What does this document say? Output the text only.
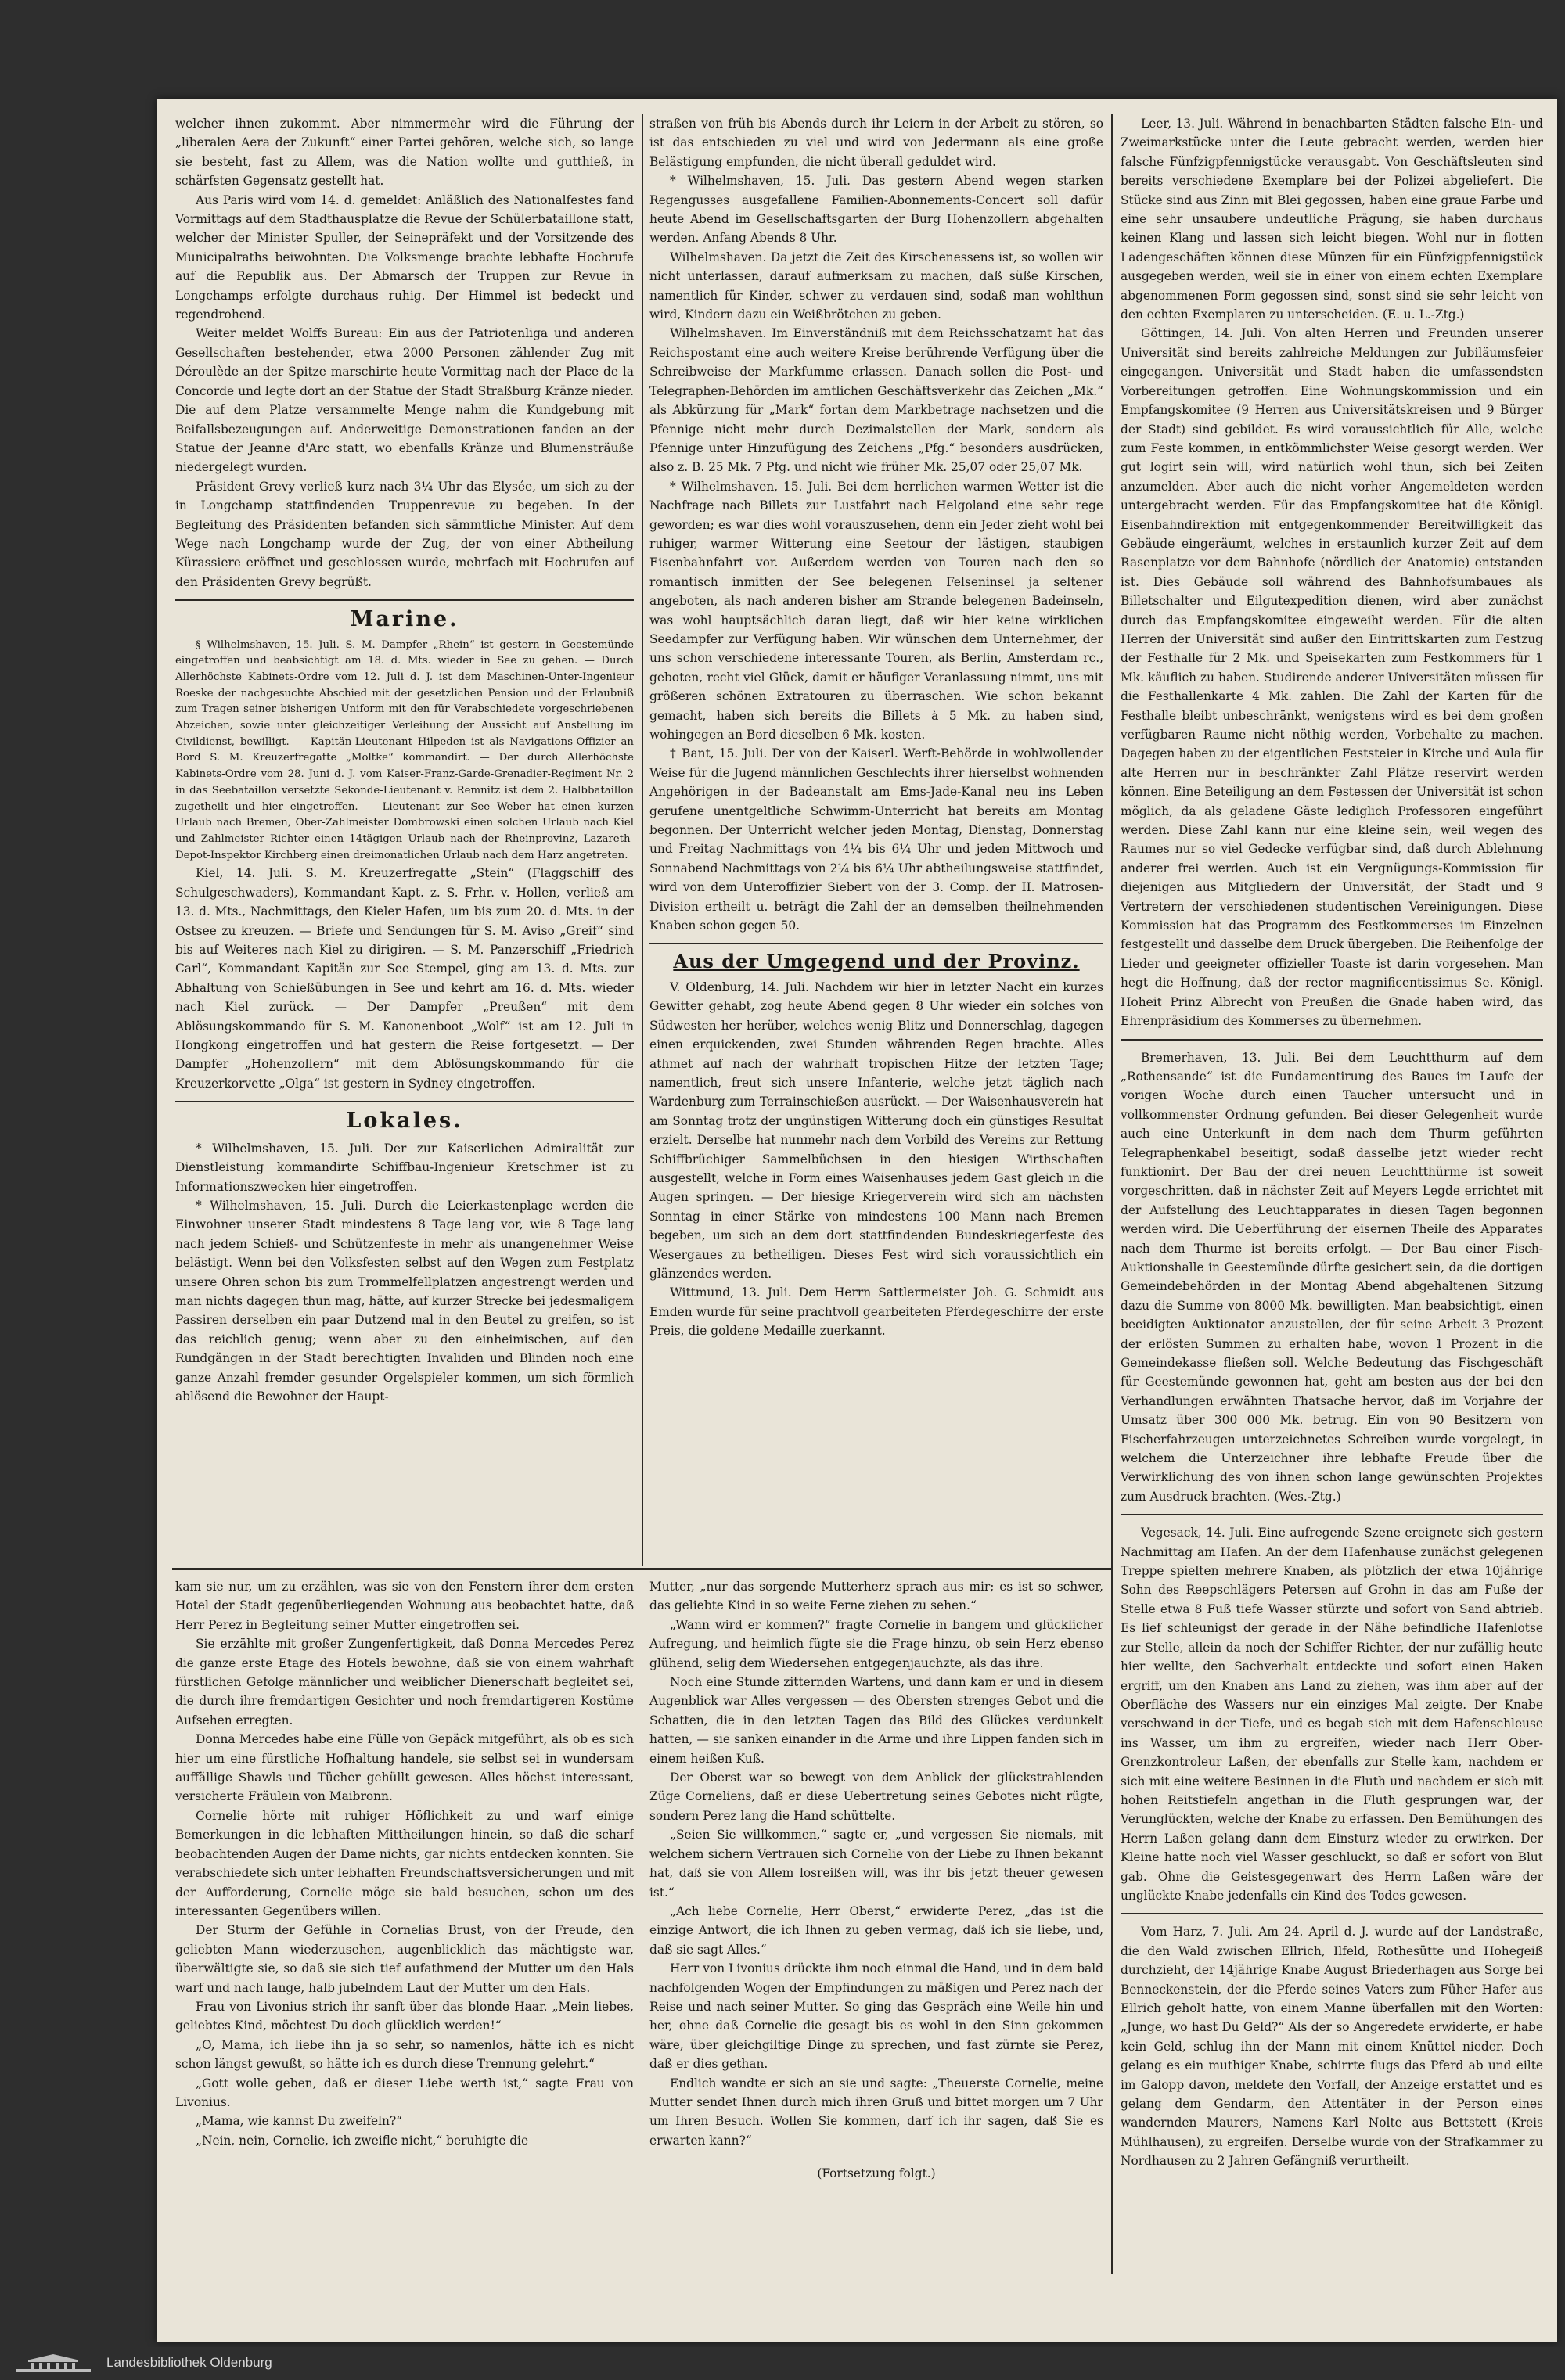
welcher ihnen zukommt. Aber nimmermehr wird die Führung der „liberalen Aera der Zukunft“ einer Partei gehören, welche sich, so lange sie besteht, fast zu Allem, was die Nation wollte und gutthieß, in schärfsten Gegensatz gestellt hat.

Aus Paris wird vom 14. d. gemeldet: Anläßlich des Nationalfestes fand Vormittags auf dem Stadthausplatze die Revue der Schülerbataillone statt, welcher der Minister Spuller, der Seinepräfekt und der Vorsitzende des Municipalraths beiwohnten. Die Volksmenge brachte lebhafte Hochrufe auf die Republik aus. Der Abmarsch der Truppen zur Revue in Longchamps erfolgte durchaus ruhig. Der Himmel ist bedeckt und regendrohend.

Weiter meldet Wolffs Bureau: Ein aus der Patriotenliga und anderen Gesellschaften bestehender, etwa 2000 Personen zählender Zug mit Déroulède an der Spitze marschirte heute Vormittag nach der Place de la Concorde und legte dort an der Statue der Stadt Straßburg Kränze nieder. Die auf dem Platze versammelte Menge nahm die Kundgebung mit Beifallsbezeugungen auf. Anderweitige Demonstrationen fanden an der Statue der Jeanne d'Arc statt, wo ebenfalls Kränze und Blumensträuße niedergelegt wurden.

Präsident Grevy verließ kurz nach 3¼ Uhr das Elysée, um sich zu der in Longchamp stattfindenden Truppenrevue zu begeben. In der Begleitung des Präsidenten befanden sich sämmtliche Minister. Auf dem Wege nach Longchamp wurde der Zug, der von einer Abtheilung Kürassiere eröffnet und geschlossen wurde, mehrfach mit Hochrufen auf den Präsidenten Grevy begrüßt.

Marine.

§ Wilhelmshaven, 15. Juli. S. M. Dampfer „Rhein“ ist gestern in Geestemünde eingetroffen und beabsichtigt am 18. d. Mts. wieder in See zu gehen. — Durch Allerhöchste Kabinets-Ordre vom 12. Juli d. J. ist dem Maschinen-Unter-Ingenieur Roeske der nachgesuchte Abschied mit der gesetzlichen Pension und der Erlaubniß zum Tragen seiner bisherigen Uniform mit den für Verabschiedete vorgeschriebenen Abzeichen, sowie unter gleichzeitiger Verleihung der Aussicht auf Anstellung im Civildienst, bewilligt. — Kapitän-Lieutenant Hilpeden ist als Navigations-Offizier an Bord S. M. Kreuzerfregatte „Moltke“ kommandirt. — Der durch Allerhöchste Kabinets-Ordre vom 28. Juni d. J. vom Kaiser-Franz-Garde-Grenadier-Regiment Nr. 2 in das Seebataillon versetzte Sekonde-Lieutenant v. Remnitz ist dem 2. Halbbataillon zugetheilt und hier eingetroffen. — Lieutenant zur See Weber hat einen kurzen Urlaub nach Bremen, Ober-Zahlmeister Dombrowski einen solchen Urlaub nach Kiel und Zahlmeister Richter einen 14tägigen Urlaub nach der Rheinprovinz, Lazareth-Depot-Inspektor Kirchberg einen dreimonatlichen Urlaub nach dem Harz angetreten.

Kiel, 14. Juli. S. M. Kreuzerfregatte „Stein“ (Flaggschiff des Schulgeschwaders), Kommandant Kapt. z. S. Frhr. v. Hollen, verließ am 13. d. Mts., Nachmittags, den Kieler Hafen, um bis zum 20. d. Mts. in der Ostsee zu kreuzen. — Briefe und Sendungen für S. M. Aviso „Greif“ sind bis auf Weiteres nach Kiel zu dirigiren. — S. M. Panzerschiff „Friedrich Carl“, Kommandant Kapitän zur See Stempel, ging am 13. d. Mts. zur Abhaltung von Schießübungen in See und kehrt am 16. d. Mts. wieder nach Kiel zurück. — Der Dampfer „Preußen“ mit dem Ablösungskommando für S. M. Kanonenboot „Wolf“ ist am 12. Juli in Hongkong eingetroffen und hat gestern die Reise fortgesetzt. — Der Dampfer „Hohenzollern“ mit dem Ablösungskommando für die Kreuzerkorvette „Olga“ ist gestern in Sydney eingetroffen.

Lokales.

* Wilhelmshaven, 15. Juli. Der zur Kaiserlichen Admiralität zur Dienstleistung kommandirte Schiffbau-Ingenieur Kretschmer ist zu Informationszwecken hier eingetroffen.

* Wilhelmshaven, 15. Juli. Durch die Leierkastenplage werden die Einwohner unserer Stadt mindestens 8 Tage lang vor, wie 8 Tage lang nach jedem Schieß- und Schützenfeste in mehr als unangenehmer Weise belästigt. Wenn bei den Volksfesten selbst auf den Wegen zum Festplatz unsere Ohren schon bis zum Trommelfellplatzen angestrengt werden und man nichts dagegen thun mag, hätte, auf kurzer Strecke bei jedesmaligem Passiren derselben ein paar Dutzend mal in den Beutel zu greifen, so ist das reichlich genug; wenn aber zu den einheimischen, auf den Rundgängen in der Stadt berechtigten Invaliden und Blinden noch eine ganze Anzahl fremder gesunder Orgelspieler kommen, um sich förmlich ablösend die Bewohner der Haupt-

straßen von früh bis Abends durch ihr Leiern in der Arbeit zu stören, so ist das entschieden zu viel und wird von Jedermann als eine große Belästigung empfunden, die nicht überall geduldet wird.

* Wilhelmshaven, 15. Juli. Das gestern Abend wegen starken Regengusses ausgefallene Familien-Abonnements-Concert soll dafür heute Abend im Gesellschaftsgarten der Burg Hohenzollern abgehalten werden. Anfang Abends 8 Uhr.

Wilhelmshaven. Da jetzt die Zeit des Kirschenessens ist, so wollen wir nicht unterlassen, darauf aufmerksam zu machen, daß süße Kirschen, namentlich für Kinder, schwer zu verdauen sind, sodaß man wohlthun wird, Kindern dazu ein Weißbrötchen zu geben.

Wilhelmshaven. Im Einverständniß mit dem Reichsschatzamt hat das Reichspostamt eine auch weitere Kreise berührende Verfügung über die Schreibweise der Markfumme erlassen. Danach sollen die Post- und Telegraphen-Behörden im amtlichen Geschäftsverkehr das Zeichen „Mk.“ als Abkürzung für „Mark“ fortan dem Markbetrage nachsetzen und die Pfennige nicht mehr durch Dezimalstellen der Mark, sondern als Pfennige unter Hinzufügung des Zeichens „Pfg.“ besonders ausdrücken, also z. B. 25 Mk. 7 Pfg. und nicht wie früher Mk. 25,07 oder 25,07 Mk.

* Wilhelmshaven, 15. Juli. Bei dem herrlichen warmen Wetter ist die Nachfrage nach Billets zur Lustfahrt nach Helgoland eine sehr rege geworden; es war dies wohl vorauszusehen, denn ein Jeder zieht wohl bei ruhiger, warmer Witterung eine Seetour der lästigen, staubigen Eisenbahnfahrt vor. Außerdem werden von Touren nach den so romantisch inmitten der See belegenen Felseninsel ja seltener angeboten, als nach anderen bisher am Strande belegenen Badeinseln, was wohl hauptsächlich daran liegt, daß wir hier keine wirklichen Seedampfer zur Verfügung haben. Wir wünschen dem Unternehmer, der uns schon verschiedene interessante Touren, als Berlin, Amsterdam rc., geboten, recht viel Glück, damit er häufiger Veranlassung nimmt, uns mit größeren schönen Extratouren zu überraschen. Wie schon bekannt gemacht, haben sich bereits die Billets à 5 Mk. zu haben sind, wohingegen an Bord dieselben 6 Mk. kosten.

† Bant, 15. Juli. Der von der Kaiserl. Werft-Behörde in wohlwollender Weise für die Jugend männlichen Geschlechts ihrer hierselbst wohnenden Angehörigen in der Badeanstalt am Ems-Jade-Kanal neu ins Leben gerufene unentgeltliche Schwimm-Unterricht hat bereits am Montag begonnen. Der Unterricht welcher jeden Montag, Dienstag, Donnerstag und Freitag Nachmittags von 4¼ bis 6¼ Uhr und jeden Mittwoch und Sonnabend Nachmittags von 2¼ bis 6¼ Uhr abtheilungsweise stattfindet, wird von dem Unteroffizier Siebert von der 3. Comp. der II. Matrosen-Division ertheilt u. beträgt die Zahl der an demselben theilnehmenden Knaben schon gegen 50.

Aus der Umgegend und der Provinz.

V. Oldenburg, 14. Juli. Nachdem wir hier in letzter Nacht ein kurzes Gewitter gehabt, zog heute Abend gegen 8 Uhr wieder ein solches von Südwesten her herüber, welches wenig Blitz und Donnerschlag, dagegen einen erquickenden, zwei Stunden währenden Regen brachte. Alles athmet auf nach der wahrhaft tropischen Hitze der letzten Tage; namentlich, freut sich unsere Infanterie, welche jetzt täglich nach Wardenburg zum Terrainschießen ausrückt. — Der Waisenhausverein hat am Sonntag trotz der ungünstigen Witterung doch ein günstiges Resultat erzielt. Derselbe hat nunmehr nach dem Vorbild des Vereins zur Rettung Schiffbrüchiger Sammelbüchsen in den hiesigen Wirthschaften ausgestellt, welche in Form eines Waisenhauses jedem Gast gleich in die Augen springen. — Der hiesige Kriegerverein wird sich am nächsten Sonntag in einer Stärke von mindestens 100 Mann nach Bremen begeben, um sich an dem dort stattfindenden Bundeskriegerfeste des Wesergaues zu betheiligen. Dieses Fest wird sich voraussichtlich ein glänzendes werden.

Wittmund, 13. Juli. Dem Herrn Sattlermeister Joh. G. Schmidt aus Emden wurde für seine prachtvoll gearbeiteten Pferdegeschirre der erste Preis, die goldene Medaille zuerkannt.

Leer, 13. Juli. Während in benachbarten Städten falsche Ein- und Zweimarkstücke unter die Leute gebracht werden, werden hier falsche Fünfzigpfennigstücke verausgabt. Von Geschäftsleuten sind bereits verschiedene Exemplare bei der Polizei abgeliefert. Die Stücke sind aus Zinn mit Blei gegossen, haben eine graue Farbe und eine sehr unsaubere undeutliche Prägung, sie haben durchaus keinen Klang und lassen sich leicht biegen. Wohl nur in flotten Ladengeschäften können diese Münzen für ein Fünfzigpfennigstück ausgegeben werden, weil sie in einer von einem echten Exemplare abgenommenen Form gegossen sind, sonst sind sie sehr leicht von den echten Exemplaren zu unterscheiden. (E. u. L.-Ztg.)

Göttingen, 14. Juli. Von alten Herren und Freunden unserer Universität sind bereits zahlreiche Meldungen zur Jubiläumsfeier eingegangen. Universität und Stadt haben die umfassendsten Vorbereitungen getroffen. Eine Wohnungskommission und ein Empfangskomitee (9 Herren aus Universitätskreisen und 9 Bürger der Stadt) sind gebildet. Es wird voraussichtlich für Alle, welche zum Feste kommen, in entkömmlichster Weise gesorgt werden. Wer gut logirt sein will, wird natürlich wohl thun, sich bei Zeiten anzumelden. Aber auch die nicht vorher Angemeldeten werden untergebracht werden. Für das Empfangskomitee hat die Königl. Eisenbahndirektion mit entgegenkommender Bereitwilligkeit das Gebäude eingeräumt, welches in erstaunlich kurzer Zeit auf dem Rasenplatze vor dem Bahnhofe (nördlich der Anatomie) entstanden ist. Dies Gebäude soll während des Bahnhofsumbaues als Billetschalter und Eilgutexpedition dienen, wird aber zunächst durch das Empfangskomitee eingeweiht werden. Für die alten Herren der Universität sind außer den Eintrittskarten zum Festzug der Festhalle für 2 Mk. und Speisekarten zum Festkommers für 1 Mk. käuflich zu haben. Studirende anderer Universitäten müssen für die Festhallenkarte 4 Mk. zahlen. Die Zahl der Karten für die Festhalle bleibt unbeschränkt, wenigstens wird es bei dem großen verfügbaren Raume nicht nöthig werden, Vorbehalte zu machen. Dagegen haben zu der eigentlichen Feststeier in Kirche und Aula für alte Herren nur in beschränkter Zahl Plätze reservirt werden können. Eine Beteiligung an dem Festessen der Universität ist schon möglich, da als geladene Gäste lediglich Professoren eingeführt werden. Diese Zahl kann nur eine kleine sein, weil wegen des Raumes nur so viel Gedecke verfügbar sind, daß durch Ablehnung anderer frei werden. Auch ist ein Vergnügungs-Kommission für diejenigen aus Mitgliedern der Universität, der Stadt und 9 Vertretern der verschiedenen studentischen Vereinigungen. Diese Kommission hat das Programm des Festkommerses im Einzelnen festgestellt und dasselbe dem Druck übergeben. Die Reihenfolge der Lieder und geeigneter offizieller Toaste ist darin vorgesehen. Man hegt die Hoffnung, daß der rector magnificentissimus Se. Königl. Hoheit Prinz Albrecht von Preußen die Gnade haben wird, das Ehrenpräsidium des Kommerses zu übernehmen.

Bremerhaven, 13. Juli. Bei dem Leuchtthurm auf dem „Rothensande“ ist die Fundamentirung des Baues im Laufe der vorigen Woche durch einen Taucher untersucht und in vollkommenster Ordnung gefunden. Bei dieser Gelegenheit wurde auch eine Unterkunft in dem nach dem Thurm geführten Telegraphenkabel beseitigt, sodaß dasselbe jetzt wieder recht funktionirt. Der Bau der drei neuen Leuchtthürme ist soweit vorgeschritten, daß in nächster Zeit auf Meyers Legde errichtet mit der Aufstellung des Leuchtapparates in diesen Tagen begonnen werden wird. Die Ueberführung der eisernen Theile des Apparates nach dem Thurme ist bereits erfolgt. — Der Bau einer Fisch-Auktionshalle in Geestemünde dürfte gesichert sein, da die dortigen Gemeindebehörden in der Montag Abend abgehaltenen Sitzung dazu die Summe von 8000 Mk. bewilligten. Man beabsichtigt, einen beeidigten Auktionator anzustellen, der für seine Arbeit 3 Prozent der erlösten Summen zu erhalten habe, wovon 1 Prozent in die Gemeindekasse fließen soll. Welche Bedeutung das Fischgeschäft für Geestemünde gewonnen hat, geht am besten aus der bei den Verhandlungen erwähnten Thatsache hervor, daß im Vorjahre der Umsatz über 300 000 Mk. betrug. Ein von 90 Besitzern von Fischerfahrzeugen unterzeichnetes Schreiben wurde vorgelegt, in welchem die Unterzeichner ihre lebhafte Freude über die Verwirklichung des von ihnen schon lange gewünschten Projektes zum Ausdruck brachten. (Wes.-Ztg.)

Vegesack, 14. Juli. Eine aufregende Szene ereignete sich gestern Nachmittag am Hafen. An der dem Hafenhause zunächst gelegenen Treppe spielten mehrere Knaben, als plötzlich der etwa 10jährige Sohn des Reepschlägers Petersen auf Grohn in das am Fuße der Stelle etwa 8 Fuß tiefe Wasser stürzte und sofort von Sand abtrieb. Es lief schleunigst der gerade in der Nähe befindliche Hafenlotse zur Stelle, allein da noch der Schiffer Richter, der nur zufällig heute hier wellte, den Sachverhalt entdeckte und sofort einen Haken ergriff, um den Knaben ans Land zu ziehen, was ihm aber auf der Oberfläche des Wassers nur ein einziges Mal zeigte. Der Knabe verschwand in der Tiefe, und es begab sich mit dem Hafenschleuse ins Wasser, um ihm zu ergreifen, wieder nach Herr Ober-Grenzkontroleur Laßen, der ebenfalls zur Stelle kam, nachdem er sich mit eine weitere Besinnen in die Fluth und nachdem er sich mit hohen Reitstiefeln angethan in die Fluth gesprungen war, der Verunglückten, welche der Knabe zu erfassen. Den Bemühungen des Herrn Laßen gelang dann dem Einsturz wieder zu erwirken. Der Kleine hatte noch viel Wasser geschluckt, so daß er sofort von Blut gab. Ohne die Geistesgegenwart des Herrn Laßen wäre der unglückte Knabe jedenfalls ein Kind des Todes gewesen.

Vom Harz, 7. Juli. Am 24. April d. J. wurde auf der Landstraße, die den Wald zwischen Ellrich, Ilfeld, Rothesütte und Hohegeiß durchzieht, der 14jährige Knabe August Briederhagen aus Sorge bei Benneckenstein, der die Pferde seines Vaters zum Füher Hafer aus Ellrich geholt hatte, von einem Manne überfallen mit den Worten: „Junge, wo hast Du Geld?“ Als der so Angeredete erwiderte, er habe kein Geld, schlug ihn der Mann mit einem Knüttel nieder. Doch gelang es ein muthiger Knabe, schirrte flugs das Pferd ab und eilte im Galopp davon, meldete den Vorfall, der Anzeige erstattet und es gelang dem Gendarm, den Attentäter in der Person eines wandernden Maurers, Namens Karl Nolte aus Bettstett (Kreis Mühlhausen), zu ergreifen. Derselbe wurde von der Strafkammer zu Nordhausen zu 2 Jahren Gefängniß verurtheilt.

kam sie nur, um zu erzählen, was sie von den Fenstern ihrer dem ersten Hotel der Stadt gegenüberliegenden Wohnung aus beobachtet hatte, daß Herr Perez in Begleitung seiner Mutter eingetroffen sei.

Sie erzählte mit großer Zungenfertigkeit, daß Donna Mercedes Perez die ganze erste Etage des Hotels bewohne, daß sie von einem wahrhaft fürstlichen Gefolge männlicher und weiblicher Dienerschaft begleitet sei, die durch ihre fremdartigen Gesichter und noch fremdartigeren Kostüme Aufsehen erregten.

Donna Mercedes habe eine Fülle von Gepäck mitgeführt, als ob es sich hier um eine fürstliche Hofhaltung handele, sie selbst sei in wundersam auffällige Shawls und Tücher gehüllt gewesen. Alles höchst interessant, versicherte Fräulein von Maibronn.

Cornelie hörte mit ruhiger Höflichkeit zu und warf einige Bemerkungen in die lebhaften Mittheilungen hinein, so daß die scharf beobachtenden Augen der Dame nichts, gar nichts entdecken konnten. Sie verabschiedete sich unter lebhaften Freundschaftsversicherungen und mit der Aufforderung, Cornelie möge sie bald besuchen, schon um des interessanten Gegenübers willen.

Der Sturm der Gefühle in Cornelias Brust, von der Freude, den geliebten Mann wiederzusehen, augenblicklich das mächtigste war, überwältigte sie, so daß sie sich tief aufathmend der Mutter um den Hals warf und nach lange, halb jubelndem Laut der Mutter um den Hals.

Frau von Livonius strich ihr sanft über das blonde Haar. „Mein liebes, geliebtes Kind, möchtest Du doch glücklich werden!“

„O, Mama, ich liebe ihn ja so sehr, so namenlos, hätte ich es nicht schon längst gewußt, so hätte ich es durch diese Trennung gelehrt.“

„Gott wolle geben, daß er dieser Liebe werth ist,“ sagte Frau von Livonius.

„Mama, wie kannst Du zweifeln?“

„Nein, nein, Cornelie, ich zweifle nicht,“ beruhigte die

Mutter, „nur das sorgende Mutterherz sprach aus mir; es ist so schwer, das geliebte Kind in so weite Ferne ziehen zu sehen.“

„Wann wird er kommen?“ fragte Cornelie in bangem und glücklicher Aufregung, und heimlich fügte sie die Frage hinzu, ob sein Herz ebenso glühend, selig dem Wiedersehen entgegenjauchzte, als das ihre.

Noch eine Stunde zitternden Wartens, und dann kam er und in diesem Augenblick war Alles vergessen — des Obersten strenges Gebot und die Schatten, die in den letzten Tagen das Bild des Glückes verdunkelt hatten, — sie sanken einander in die Arme und ihre Lippen fanden sich in einem heißen Kuß.

Der Oberst war so bewegt von dem Anblick der glückstrahlenden Züge Corneliens, daß er diese Uebertretung seines Gebotes nicht rügte, sondern Perez lang die Hand schüttelte.

„Seien Sie willkommen,“ sagte er, „und vergessen Sie niemals, mit welchem sichern Vertrauen sich Cornelie von der Liebe zu Ihnen bekannt hat, daß sie von Allem losreißen will, was ihr bis jetzt theuer gewesen ist.“

„Ach liebe Cornelie, Herr Oberst,“ erwiderte Perez, „das ist die einzige Antwort, die ich Ihnen zu geben vermag, daß ich sie liebe, und, daß sie sagt Alles.“

Herr von Livonius drückte ihm noch einmal die Hand, und in dem bald nachfolgenden Wogen der Empfindungen zu mäßigen und Perez nach der Reise und nach seiner Mutter. So ging das Gespräch eine Weile hin und her, ohne daß Cornelie die gesagt bis es wohl in den Sinn gekommen wäre, über gleichgiltige Dinge zu sprechen, und fast zürnte sie Perez, daß er dies gethan.

Endlich wandte er sich an sie und sagte: „Theuerste Cornelie, meine Mutter sendet Ihnen durch mich ihren Gruß und bittet morgen um 7 Uhr um Ihren Besuch. Wollen Sie kommen, darf ich ihr sagen, daß Sie es erwarten kann?“

(Fortsetzung folgt.)
Landesbibliothek Oldenburg
